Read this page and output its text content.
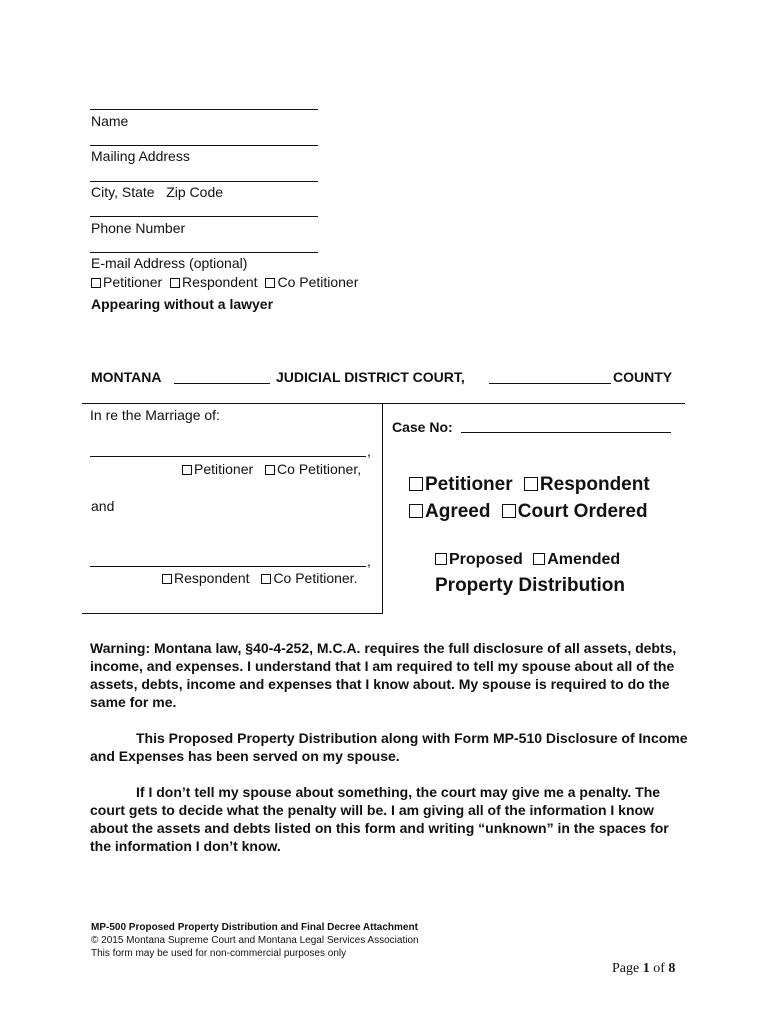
Name
Mailing Address
City, State   Zip Code
Phone Number
E-mail Address (optional)
Petitioner Respondent Co Petitioner
Appearing without a lawyer
MONTANA	JUDICIAL DISTRICT COURT,	COUNTY
In re the Marriage of:
,
Petitioner Co Petitioner,
and
,
Respondent Co Petitioner.
Case No:
Petitioner Respondent
Agreed Court Ordered
Proposed Amended
Property Distribution

Warning: Montana law, §40-4-252, M.C.A. requires the full disclosure of all assets, debts, income, and expenses. I understand that I am required to tell my spouse about all of the assets, debts, income and expenses that I know about. My spouse is required to do the same for me.

This Proposed Property Distribution along with Form MP-510 Disclosure of Income and Expenses has been served on my spouse.

If I don’t tell my spouse about something, the court may give me a penalty. The court gets to decide what the penalty will be. I am giving all of the information I know about the assets and debts listed on this form and writing “unknown” in the spaces for the information I don’t know.

MP-500 Proposed Property Distribution and Final Decree Attachment
© 2015 Montana Supreme Court and Montana Legal Services Association
This form may be used for non-commercial purposes only
Page 1 of 8
